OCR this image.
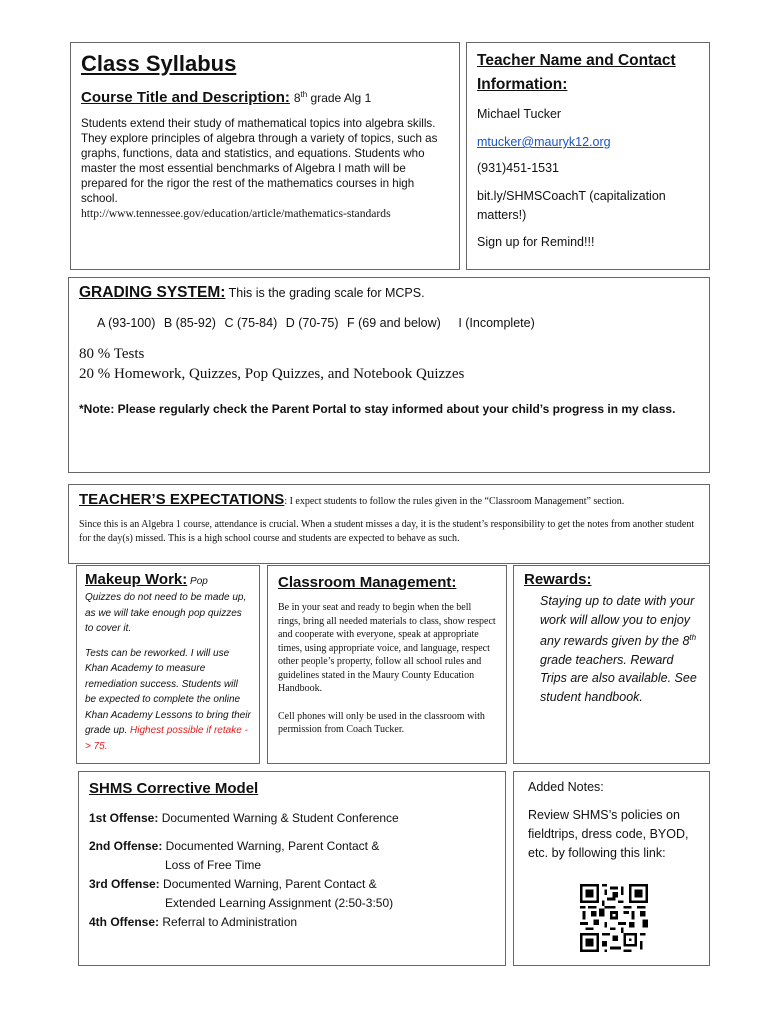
Class Syllabus
Course Title and Description: 8th grade Alg 1

Students extend their study of mathematical topics into algebra skills. They explore principles of algebra through a variety of topics, such as graphs, functions, data and statistics, and equations. Students who master the most essential benchmarks of Algebra I math will be prepared for the rigor the rest of the mathematics courses in high school.

http://www.tennessee.gov/education/article/mathematics-standards

Teacher Name and Contact Information:

Michael Tucker

mtucker@mauryk12.org

(931)451-1531

bit.ly/SHMSCoachT (capitalization matters!)

Sign up for Remind!!!

GRADING SYSTEM: This is the grading scale for MCPS.
A (93-100) B (85-92) C (75-84) D (70-75) F (69 and below) I (Incomplete)

80 % Tests

20 % Homework, Quizzes, Pop Quizzes, and Notebook Quizzes

*Note: Please regularly check the Parent Portal to stay informed about your child’s progress in my class.

TEACHER’S EXPECTATIONS: I expect students to follow the rules given in the “Classroom Management” section.

Since this is an Algebra 1 course, attendance is crucial. When a student misses a day, it is the student’s responsibility to get the notes from another student for the day(s) missed. This is a high school course and students are expected to behave as such.

Makeup Work: Pop

Quizzes do not need to be made up, as we will take enough pop quizzes to cover it.

Tests can be reworked. I will use Khan Academy to measure remediation success. Students will be expected to complete the online Khan Academy Lessons to bring their grade up. Highest possible if retake -> 75.

Classroom Management:

Be in your seat and ready to begin when the bell rings, bring all needed materials to class, show respect and cooperate with everyone, speak at appropriate times, using appropriate voice, and language, respect other people’s property, follow all school rules and guidelines stated in the Maury County Education Handbook.

Cell phones will only be used in the classroom with permission from Coach Tucker.

Rewards:

Staying up to date with your work will allow you to enjoy any rewards given by the 8th grade teachers. Reward Trips are also available. See student handbook.

SHMS Corrective Model
1st Offense: Documented Warning & Student Conference
2nd Offense: Documented Warning, Parent Contact &
Loss of Free Time
3rd Offense: Documented Warning, Parent Contact &
Extended Learning Assignment (2:50-3:50)
4th Offense: Referral to Administration
Added Notes:

Review SHMS’s policies on fieldtrips, dress code, BYOD, etc. by following this link:
